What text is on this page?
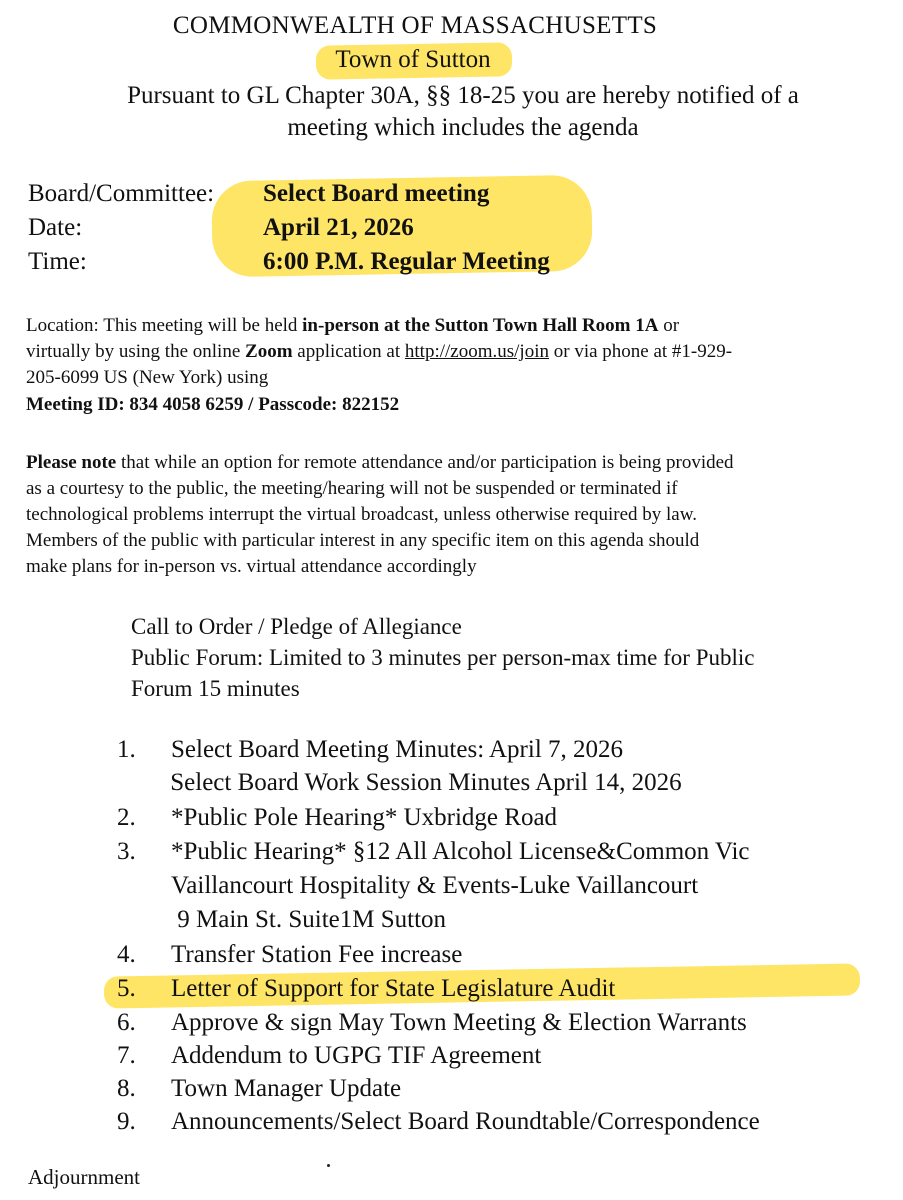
COMMONWEALTH OF MASSACHUSETTS
Town of Sutton
Pursuant to GL Chapter 30A, §§ 18-25 you are hereby notified of a
meeting which includes the agenda
Board/Committee: Select Board meeting
Date:	April 21, 2026
Time:	6:00 P.M. Regular Meeting
Location: This meeting will be held in-person at the Sutton Town Hall Room 1A or
virtually by using the online Zoom application at http://zoom.us/join or via phone at #1-929-
205-6099 US (New York) using
Meeting ID: 834 4058 6259 / Passcode: 822152
Please note that while an option for remote attendance and/or participation is being provided
as a courtesy to the public, the meeting/hearing will not be suspended or terminated if
technological problems interrupt the virtual broadcast, unless otherwise required by law.
Members of the public with particular interest in any specific item on this agenda should
make plans for in-person vs. virtual attendance accordingly
Call to Order / Pledge of Allegiance
Public Forum: Limited to 3 minutes per person-max time for Public
Forum 15 minutes
1. Select Board Meeting Minutes: April 7, 2026
Select Board Work Session Minutes April 14, 2026
2. *Public Pole Hearing* Uxbridge Road
3. *Public Hearing* §12 All Alcohol License&Common Vic
Vaillancourt Hospitality & Events-Luke Vaillancourt
9 Main St. Suite1M Sutton
4. Transfer Station Fee increase
5. Letter of Support for State Legislature Audit
6. Approve & sign May Town Meeting & Election Warrants
7. Addendum to UGPG TIF Agreement
8. Town Manager Update
9. Announcements/Select Board Roundtable/Correspondence
Adjournment
